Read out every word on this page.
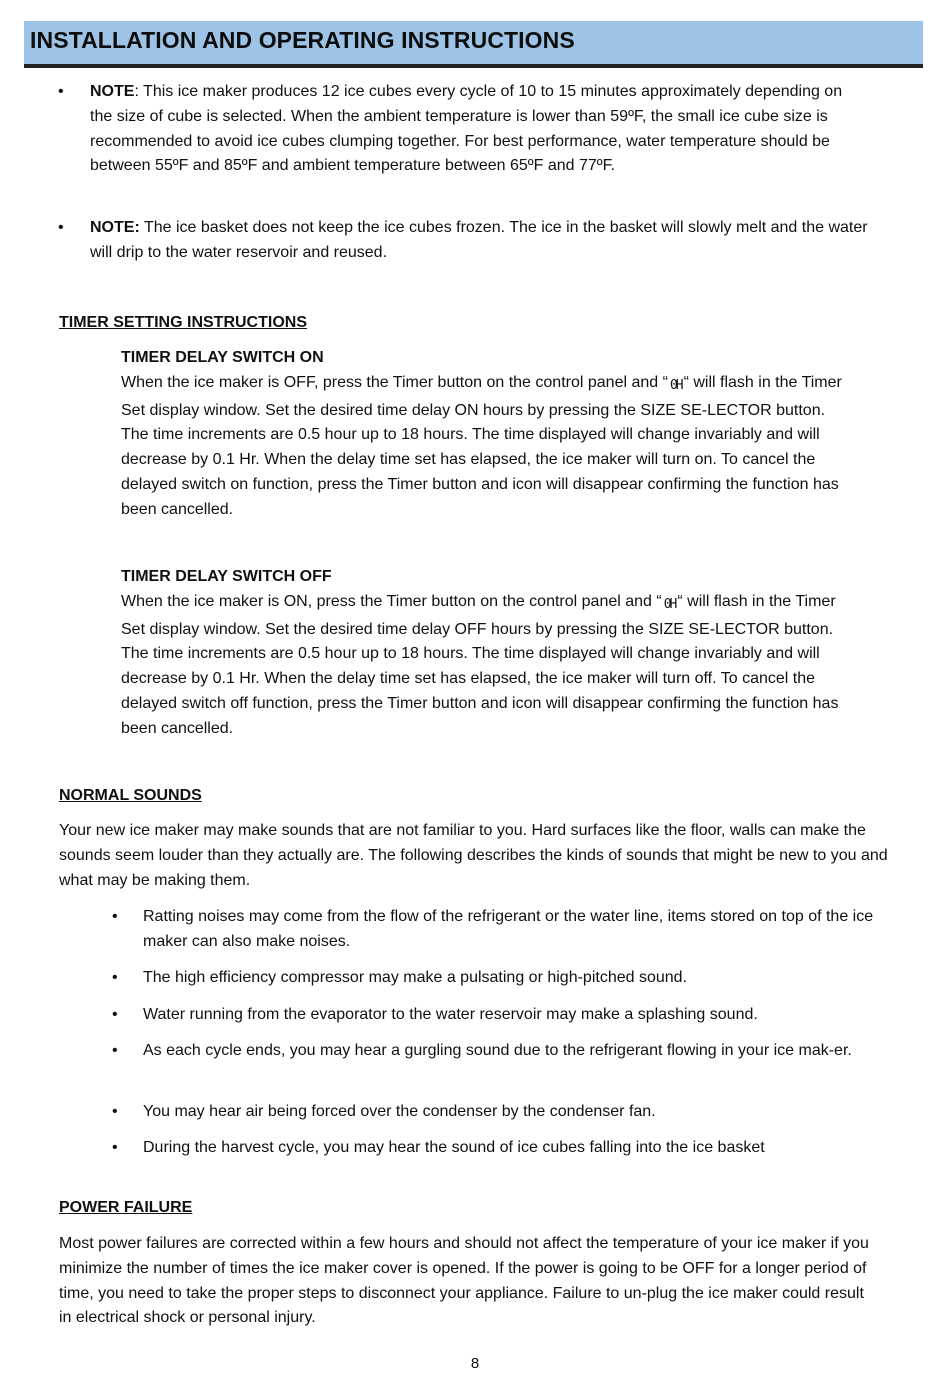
INSTALLATION AND OPERATING INSTRUCTIONS
• NOTE: This ice maker produces 12 ice cubes every cycle of 10 to 15 minutes approximately depending on the size of cube is selected. When the ambient temperature is lower than 59ºF, the small ice cube size is recommended to avoid ice cubes clumping together. For best performance, water temperature should be between 55ºF and 85ºF and ambient temperature between 65ºF and 77ºF.
• NOTE: The ice basket does not keep the ice cubes frozen. The ice in the basket will slowly melt and the water will drip to the water reservoir and reused.
TIMER SETTING INSTRUCTIONS
TIMER DELAY SWITCH ON
When the ice maker is OFF, press the Timer button on the control panel and “ 0H “ will flash in the Timer Set display window. Set the desired time delay ON hours by pressing the SIZE SE-LECTOR button. The time increments are 0.5 hour up to 18 hours. The time displayed will change invariably and will decrease by 0.1 Hr. When the delay time set has elapsed, the ice maker will turn on. To cancel the delayed switch on function, press the Timer button and icon will disappear confirming the function has been cancelled.
TIMER DELAY SWITCH OFF
When the ice maker is ON, press the Timer button on the control panel and “ 0H “ will flash in the Timer Set display window. Set the desired time delay OFF hours by pressing the SIZE SE-LECTOR button. The time increments are 0.5 hour up to 18 hours. The time displayed will change invariably and will decrease by 0.1 Hr. When the delay time set has elapsed, the ice maker will turn off. To cancel the delayed switch off function, press the Timer button and icon will disappear confirming the function has been cancelled.
NORMAL SOUNDS
Your new ice maker may make sounds that are not familiar to you. Hard surfaces like the floor, walls can make the sounds seem louder than they actually are. The following describes the kinds of sounds that might be new to you and what may be making them.
• Ratting noises may come from the flow of the refrigerant or the water line, items stored on top of the ice maker can also make noises.
• The high efficiency compressor may make a pulsating or high-pitched sound.
• Water running from the evaporator to the water reservoir may make a splashing sound.
• As each cycle ends, you may hear a gurgling sound due to the refrigerant flowing in your ice mak-er.
• You may hear air being forced over the condenser by the condenser fan.
• During the harvest cycle, you may hear the sound of ice cubes falling into the ice basket
POWER FAILURE
Most power failures are corrected within a few hours and should not affect the temperature of your ice maker if you minimize the number of times the ice maker cover is opened. If the power is going to be OFF for a longer period of time, you need to take the proper steps to disconnect your appliance. Failure to un-plug the ice maker could result in electrical shock or personal injury.
8
